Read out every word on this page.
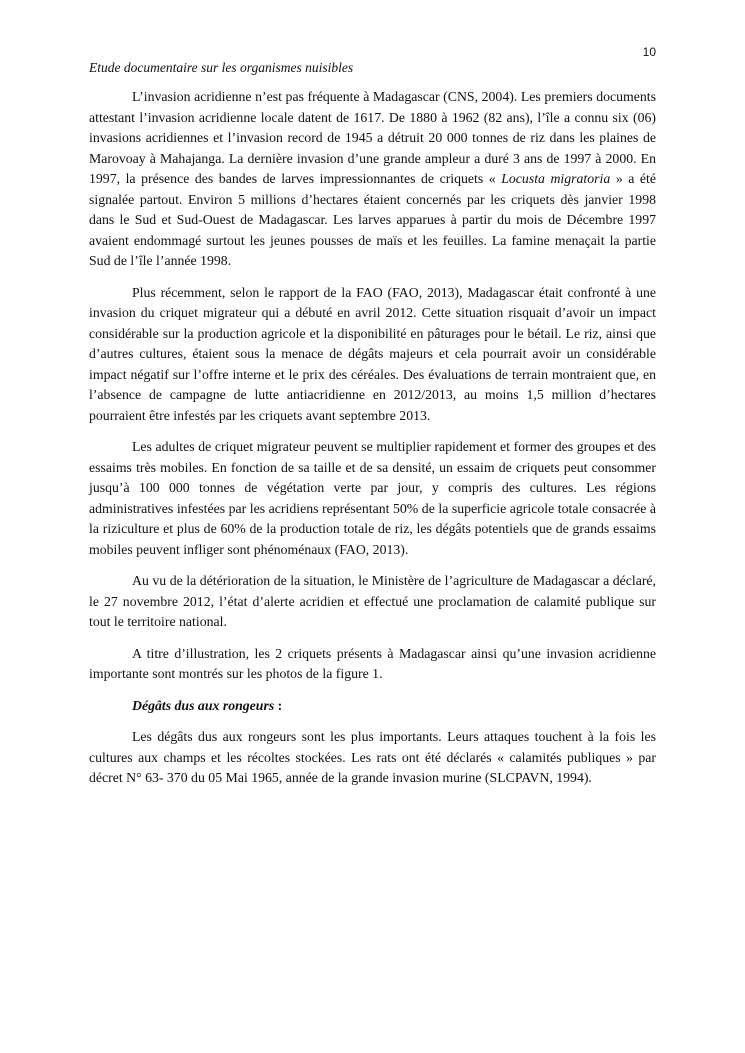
10
Etude documentaire sur les organismes nuisibles

L’invasion acridienne n’est pas fréquente à Madagascar (CNS, 2004). Les premiers documents attestant l’invasion acridienne locale datent de 1617. De 1880 à 1962 (82 ans), l’île a connu six (06) invasions acridiennes et l’invasion record de 1945 a détruit 20 000 tonnes de riz dans les plaines de Marovoay à Mahajanga. La dernière invasion d’une grande ampleur a duré 3 ans de 1997 à 2000. En 1997, la présence des bandes de larves impressionnantes de criquets « Locusta migratoria » a été signalée partout. Environ 5 millions d’hectares étaient concernés par les criquets dès janvier 1998 dans le Sud et Sud-Ouest de Madagascar. Les larves apparues à partir du mois de Décembre 1997 avaient endommagé surtout les jeunes pousses de maïs et les feuilles. La famine menaçait la partie Sud de l’île l’année 1998.

Plus récemment, selon le rapport de la FAO (FAO, 2013), Madagascar était confronté à une invasion du criquet migrateur qui a débuté en avril 2012. Cette situation risquait d’avoir un impact considérable sur la production agricole et la disponibilité en pâturages pour le bétail. Le riz, ainsi que d’autres cultures, étaient sous la menace de dégâts majeurs et cela pourrait avoir un considérable impact négatif sur l’offre interne et le prix des céréales. Des évaluations de terrain montraient que, en l’absence de campagne de lutte antiacridienne en 2012/2013, au moins 1,5 million d’hectares pourraient être infestés par les criquets avant septembre 2013.

Les adultes de criquet migrateur peuvent se multiplier rapidement et former des groupes et des essaims très mobiles. En fonction de sa taille et de sa densité, un essaim de criquets peut consommer jusqu’à 100 000 tonnes de végétation verte par jour, y compris des cultures. Les régions administratives infestées par les acridiens représentant 50% de la superficie agricole totale consacrée à la riziculture et plus de 60% de la production totale de riz, les dégâts potentiels que de grands essaims mobiles peuvent infliger sont phénoménaux (FAO, 2013).

Au vu de la détérioration de la situation, le Ministère de l’agriculture de Madagascar a déclaré, le 27 novembre 2012, l’état d’alerte acridien et effectué une proclamation de calamité publique sur tout le territoire national.

A titre d’illustration, les 2 criquets présents à Madagascar ainsi qu’une invasion acridienne importante sont montrés sur les photos de la figure 1.

Dégâts dus aux rongeurs :

Les dégâts dus aux rongeurs sont les plus importants. Leurs attaques touchent à la fois les cultures aux champs et les récoltes stockées. Les rats ont été déclarés « calamités publiques » par décret N° 63- 370 du 05 Mai 1965, année de la grande invasion murine (SLCPAVN, 1994).
